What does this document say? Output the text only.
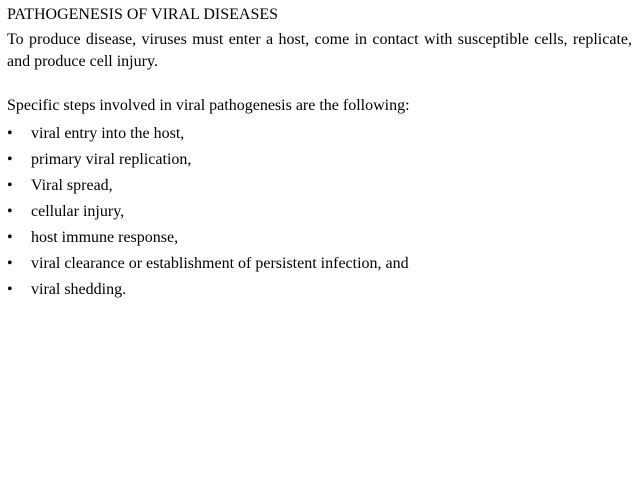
PATHOGENESIS OF VIRAL DISEASES

To produce disease, viruses must enter a host, come in contact with susceptible cells, replicate, and produce cell injury.

Specific steps involved in viral pathogenesis are the following:

•	viral entry into the host,
•	primary viral replication,
•	Viral spread,
•	cellular injury,
•	host immune response,
•	viral clearance or establishment of persistent infection, and
•	viral shedding.
